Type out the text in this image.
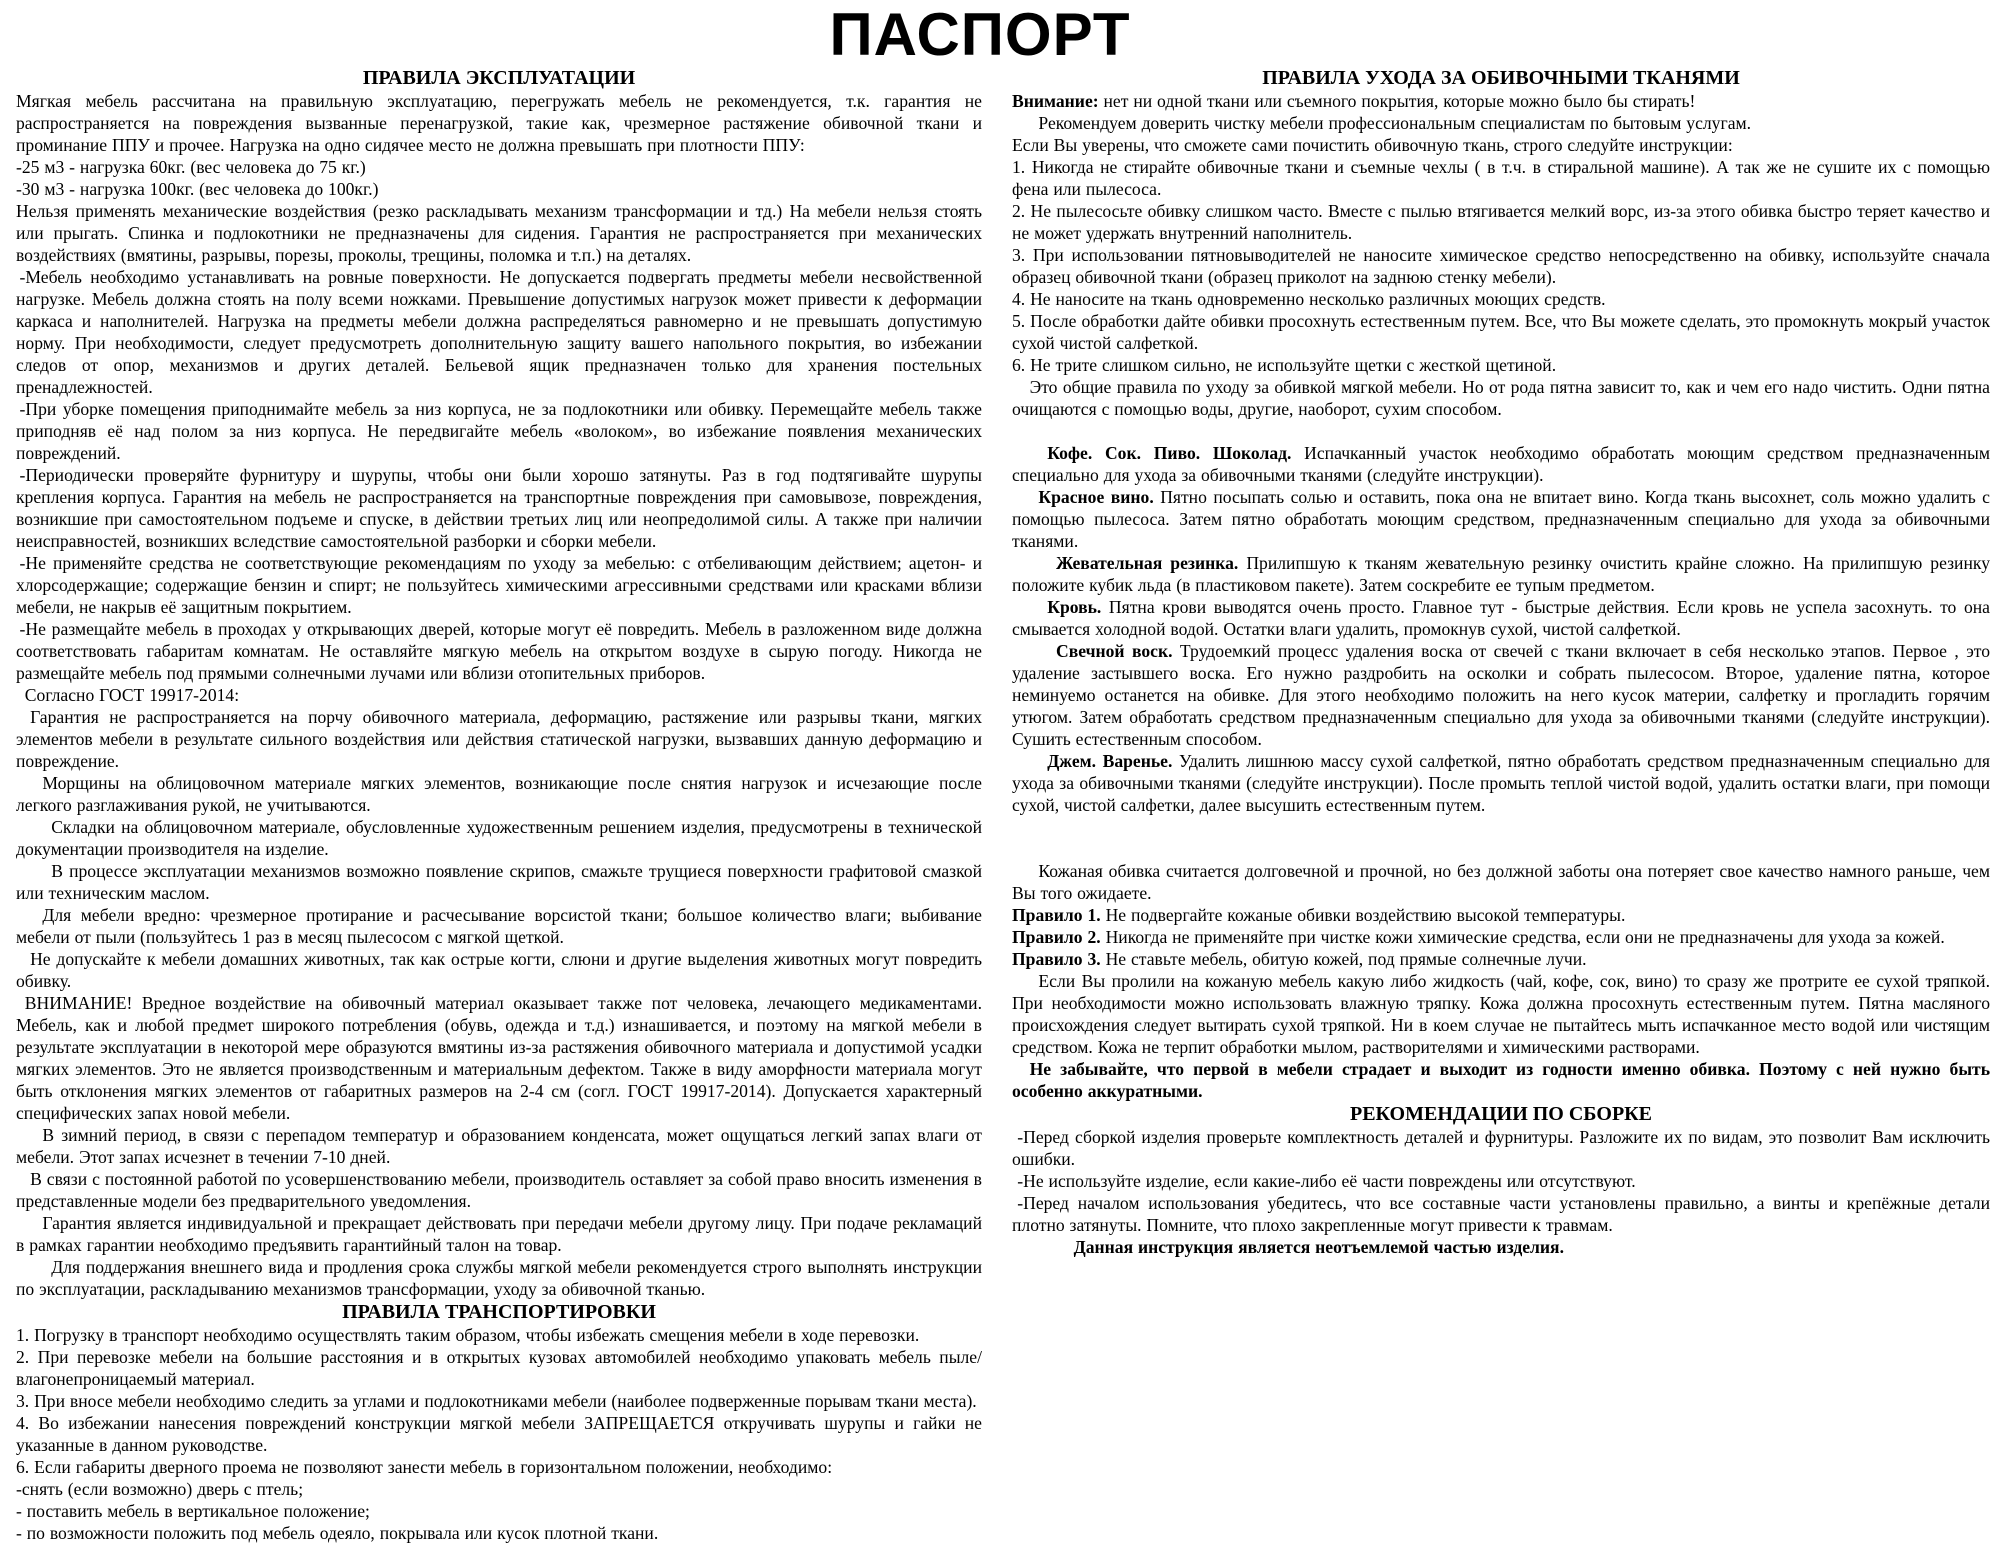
ПАСПОРТ
ПРАВИЛА ЭКСПЛУАТАЦИИ

Мягкая мебель рассчитана на правильную эксплуатацию, перегружать мебель не рекомендуется, т.к. гарантия не распространяется на повреждения вызванные перенагрузкой, такие как, чрезмерное растяжение обивочной ткани и проминание ППУ и прочее. Нагрузка на одно сидячее место не должна превышать при плотности ППУ:

-25 м3 - нагрузка 60кг. (вес человека до 75 кг.)

-30 м3 - нагрузка 100кг. (вес человека до 100кг.)

Нельзя применять механические воздействия (резко раскладывать механизм трансформации и тд.) На мебели нельзя стоять или прыгать. Спинка и подлокотники не предназначены для сидения. Гарантия не распространяется при механических воздействиях (вмятины, разрывы, порезы, проколы, трещины, поломка и т.п.) на деталях.

-Мебель необходимо устанавливать на ровные поверхности. Не допускается подвергать предметы мебели несвойственной нагрузке. Мебель должна стоять на полу всеми ножками. Превышение допустимых нагрузок может привести к деформации каркаса и наполнителей. Нагрузка на предметы мебели должна распределяться равномерно и не превышать допустимую норму. При необходимости, следует предусмотреть дополнительную защиту вашего напольного покрытия, во избежании следов от опор, механизмов и других деталей. Бельевой ящик предназначен только для хранения постельных пренадлежностей.

-При уборке помещения приподнимайте мебель за низ корпуса, не за подлокотники или обивку. Перемещайте мебель также приподняв её над полом за низ корпуса. Не передвигайте мебель «волоком», во избежание появления механических повреждений.

-Периодически проверяйте фурнитуру и шурупы, чтобы они были хорошо затянуты. Раз в год подтягивайте шурупы крепления корпуса. Гарантия на мебель не распространяется на транспортные повреждения при самовывозе, повреждения, возникшие при самостоятельном подъеме и спуске, в действии третьих лиц или неопредолимой силы. А также при наличии неисправностей, возникших вследствие самостоятельной разборки и сборки мебели.

-Не применяйте средства не соответствующие рекомендациям по уходу за мебелью: с отбеливающим действием; ацетон- и хлорсодержащие; содержащие бензин и спирт; не пользуйтесь химическими агрессивными средствами или красками вблизи мебели, не накрыв её защитным покрытием.

-Не размещайте мебель в проходах у открывающих дверей, которые могут её повредить. Мебель в разложенном виде должна соответствовать габаритам комнатам. Не оставляйте мягкую мебель на открытом воздухе в сырую погоду. Никогда не размещайте мебель под прямыми солнечными лучами или вблизи отопительных приборов.

Согласно ГОСТ 19917-2014:

Гарантия не распространяется на порчу обивочного материала, деформацию, растяжение или разрывы ткани, мягких элементов мебели в результате сильного воздействия или действия статической нагрузки, вызвавших данную деформацию и повреждение.

Морщины на облицовочном материале мягких элементов, возникающие после снятия нагрузок и исчезающие после легкого разглаживания рукой, не учитываются.

Складки на облицовочном материале, обусловленные художественным решением изделия, предусмотрены в технической документации производителя на изделие.

В процессе эксплуатации механизмов возможно появление скрипов, смажьте трущиеся поверхности графитовой смазкой или техническим маслом.

Для мебели вредно: чрезмерное протирание и расчесывание ворсистой ткани; большое количество влаги; выбивание мебели от пыли (пользуйтесь 1 раз в месяц пылесосом с мягкой щеткой.

Не допускайте к мебели домашних животных, так как острые когти, слюни и другие выделения животных могут повредить обивку.

ВНИМАНИЕ! Вредное воздействие на обивочный материал оказывает также пот человека, лечающего медикаментами. Мебель, как и любой предмет широкого потребления (обувь, одежда и т.д.) изнашивается, и поэтому на мягкой мебели в результате эксплуатации в некоторой мере образуются вмятины из-за растяжения обивочного материала и допустимой усадки мягких элементов. Это не является производственным и материальным дефектом. Также в виду аморфности материала могут быть отклонения мягких элементов от габаритных размеров на 2-4 см (согл. ГОСТ 19917-2014). Допускается характерный специфических запах новой мебели.

В зимний период, в связи с перепадом температур и образованием конденсата, может ощущаться легкий запах влаги от мебели. Этот запах исчезнет в течении 7-10 дней.

В связи с постоянной работой по усовершенствованию мебели, производитель оставляет за собой право вносить изменения в представленные модели без предварительного уведомления.

Гарантия является индивидуальной и прекращает действовать при передачи мебели другому лицу. При подаче рекламаций в рамках гарантии необходимо предъявить гарантийный талон на товар.

Для поддержания внешнего вида и продления срока службы мягкой мебели рекомендуется строго выполнять инструкции по эксплуатации, раскладыванию механизмов трансформации, уходу за обивочной тканью.

ПРАВИЛА ТРАНСПОРТИРОВКИ

1. Погрузку в транспорт необходимо осуществлять таким образом, чтобы избежать смещения мебели в ходе перевозки.

2. При перевозке мебели на большие расстояния и в открытых кузовах автомобилей необходимо упаковать мебель пыле/влагонепроницаемый материал.

3. При вносе мебели необходимо следить за углами и подлокотниками мебели (наиболее подверженные порывам ткани места).

4. Во избежании нанесения повреждений конструкции мягкой мебели ЗАПРЕЩАЕТСЯ откручивать шурупы и гайки не указанные в данном руководстве.

6. Если габариты дверного проема не позволяют занести мебель в горизонтальном положении, необходимо:

-снять (если возможно) дверь с птель;

- поставить мебель в вертикальное положение;

- по возможности положить под мебель одеяло, покрывала или кусок плотной ткани.

ПРАВИЛА УХОДА ЗА ОБИВОЧНЫМИ ТКАНЯМИ

Внимание: нет ни одной ткани или съемного покрытия, которые можно было бы стирать!

Рекомендуем доверить чистку мебели профессиональным специалистам по бытовым услугам.

Если Вы уверены, что сможете сами почистить обивочную ткань, строго следуйте инструкции:

1. Никогда не стирайте обивочные ткани и съемные чехлы ( в т.ч. в стиральной машине). А так же не сушите их с помощью фена или пылесоса.

2. Не пылесосьте обивку слишком часто. Вместе с пылью втягивается мелкий ворс, из-за этого обивка быстро теряет качество и не может удержать внутренний наполнитель.

3. При использовании пятновыводителей не наносите химическое средство непосредственно на обивку, используйте сначала образец обивочной ткани (образец приколот на заднюю стенку мебели).

4. Не наносите на ткань одновременно несколько различных моющих средств.

5. После обработки дайте обивки просохнуть естественным путем. Все, что Вы можете сделать, это промокнуть мокрый участок сухой чистой салфеткой.

6. Не трите слишком сильно, не используйте щетки с жесткой щетиной.

Это общие правила по уходу за обивкой мягкой мебели. Но от рода пятна зависит то, как и чем его надо чистить. Одни пятна очищаются с помощью воды, другие, наоборот, сухим способом.

Кофе. Сок. Пиво. Шоколад. Испачканный участок необходимо обработать моющим средством предназначенным специально для ухода за обивочными тканями (следуйте инструкции).

Красное вино. Пятно посыпать солью и оставить, пока она не впитает вино. Когда ткань высохнет, соль можно удалить с помощью пылесоса. Затем пятно обработать моющим средством, предназначенным специально для ухода за обивочными тканями.

Жевательная резинка. Прилипшую к тканям жевательную резинку очистить крайне сложно. На прилипшую резинку положите кубик льда (в пластиковом пакете). Затем соскребите ее тупым предметом.

Кровь. Пятна крови выводятся очень просто. Главное тут - быстрые действия. Если кровь не успела засохнуть. то она смывается холодной водой. Остатки влаги удалить, промокнув сухой, чистой салфеткой.

Свечной воск. Трудоемкий процесс удаления воска от свечей с ткани включает в себя несколько этапов. Первое , это удаление застывшего воска. Его нужно раздробить на осколки и собрать пылесосом. Второе, удаление пятна, которое неминуемо останется на обивке. Для этого необходимо положить на него кусок материи, салфетку и прогладить горячим утюгом. Затем обработать средством предназначенным специально для ухода за обивочными тканями (следуйте инструкции). Сушить естественным способом.

Джем. Варенье. Удалить лишнюю массу сухой салфеткой, пятно обработать средством предназначенным специально для ухода за обивочными тканями (следуйте инструкции). После промыть теплой чистой водой, удалить остатки влаги, при помощи сухой, чистой салфетки, далее высушить естественным путем.

Кожаная обивка считается долговечной и прочной, но без должной заботы она потеряет свое качество намного раньше, чем Вы того ожидаете.

Правило 1. Не подвергайте кожаные обивки воздействию высокой температуры.

Правило 2. Никогда не применяйте при чистке кожи химические средства, если они не предназначены для ухода за кожей.

Правило 3. Не ставьте мебель, обитую кожей, под прямые солнечные лучи.

Если Вы пролили на кожаную мебель какую либо жидкость (чай, кофе, сок, вино) то сразу же протрите ее сухой тряпкой. При необходимости можно использовать влажную тряпку. Кожа должна просохнуть естественным путем. Пятна масляного происхождения следует вытирать сухой тряпкой. Ни в коем случае не пытайтесь мыть испачканное место водой или чистящим средством. Кожа не терпит обработки мылом, растворителями и химическими растворами.

Не забывайте, что первой в мебели страдает и выходит из годности именно обивка. Поэтому с ней нужно быть особенно аккуратными.

РЕКОМЕНДАЦИИ ПО СБОРКЕ

-Перед сборкой изделия проверьте комплектность деталей и фурнитуры. Разложите их по видам, это позволит Вам исключить ошибки.

-Не используйте изделие, если какие-либо её части повреждены или отсутствуют.

-Перед началом использования убедитесь, что все составные части установлены правильно, а винты и крепёжные детали плотно затянуты. Помните, что плохо закрепленные могут привести к травмам.

Данная инструкция является неотъемлемой частью изделия.
